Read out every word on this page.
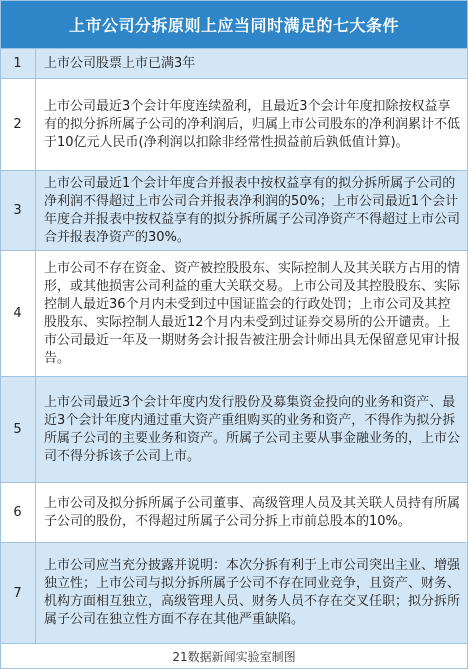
上市公司分拆原则上应当同时满足的七大条件
1	上市公司股票上市已满3年
2
上市公司最近3个会计年度连续盈利，且最近3个会计年度扣除按权益享有的拟分拆所属子公司的净利润后，归属上市公司股东的净利润累计不低于10亿元人民币(净利润以扣除非经常性损益前后孰低值计算)。
3
上市公司最近1个会计年度合并报表中按权益享有的拟分拆所属子公司的净利润不得超过上市公司合并报表净利润的50%；上市公司最近1个会计年度合并报表中按权益享有的拟分拆所属子公司净资产不得超过上市公司合并报表净资产的30%。
4
上市公司不存在资金、资产被控股股东、实际控制人及其关联方占用的情形，或其他损害公司利益的重大关联交易。上市公司及其控股股东、实际控制人最近36个月内未受到过中国证监会的行政处罚；上市公司及其控股股东、实际控制人最近12个月内未受到过证券交易所的公开谴责。上市公司最近一年及一期财务会计报告被注册会计师出具无保留意见审计报告。
5
上市公司最近3个会计年度内发行股份及募集资金投向的业务和资产、最近3个会计年度内通过重大资产重组购买的业务和资产，不得作为拟分拆所属子公司的主要业务和资产。所属子公司主要从事金融业务的，上市公司不得分拆该子公司上市。
6
上市公司及拟分拆所属子公司董事、高级管理人员及其关联人员持有所属子公司的股份，不得超过所属子公司分拆上市前总股本的10%。
7
上市公司应当充分披露并说明：本次分拆有利于上市公司突出主业、增强独立性；上市公司与拟分拆所属子公司不存在同业竞争，且资产、财务、机构方面相互独立，高级管理人员、财务人员不存在交叉任职；拟分拆所属子公司在独立性方面不存在其他严重缺陷。
21数据新闻实验室制图
